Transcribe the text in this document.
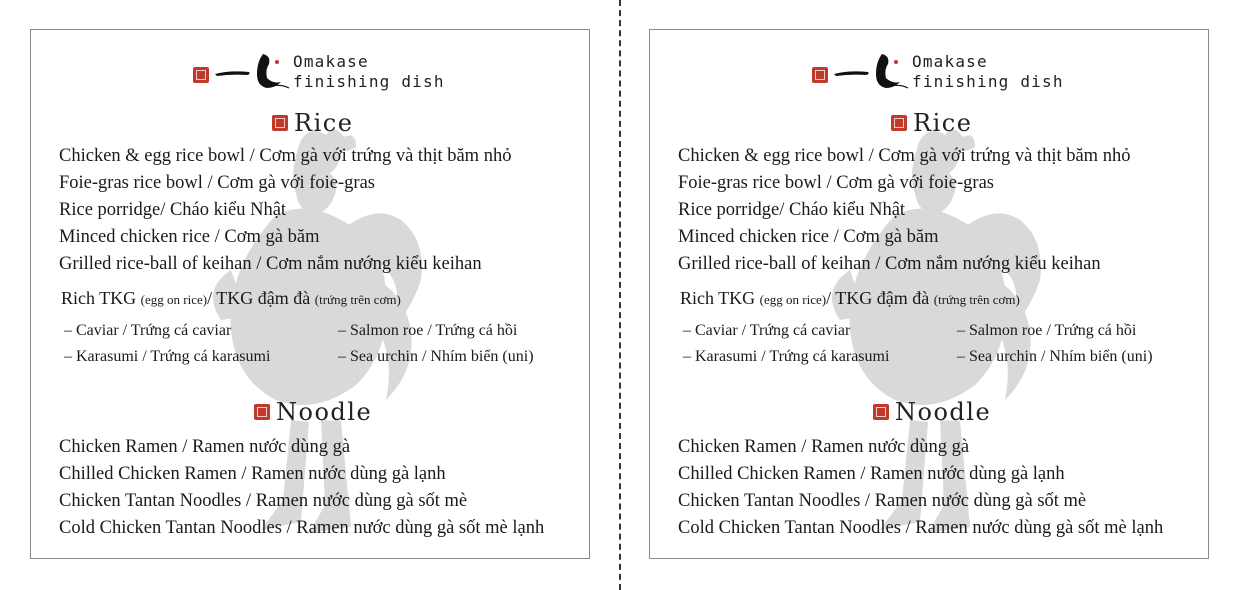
Omakase
finishing dish
Rice
Chicken & egg rice bowl / Cơm gà với trứng và thịt băm nhỏ
Foie-gras rice bowl / Cơm gà với foie-gras
Rice porridge/ Cháo kiểu Nhật
Minced chicken rice / Cơm gà băm
Grilled rice-ball of keihan / Cơm nắm nướng kiểu keihan
Rich TKG (egg on rice)/ TKG đậm đà (trứng trên cơm)
– Caviar / Trứng cá caviar	– Salmon roe / Trứng cá hồi
– Karasumi / Trứng cá karasumi	– Sea urchin / Nhím biển (uni)
Noodle
Chicken Ramen / Ramen nước dùng gà
Chilled Chicken Ramen / Ramen nước dùng gà lạnh
Chicken Tantan Noodles / Ramen nước dùng gà sốt mè
Cold Chicken Tantan Noodles / Ramen nước dùng gà sốt mè lạnh
Omakase
finishing dish
Rice
Chicken & egg rice bowl / Cơm gà với trứng và thịt băm nhỏ
Foie-gras rice bowl / Cơm gà với foie-gras
Rice porridge/ Cháo kiểu Nhật
Minced chicken rice / Cơm gà băm
Grilled rice-ball of keihan / Cơm nắm nướng kiểu keihan
Rich TKG (egg on rice)/ TKG đậm đà (trứng trên cơm)
– Caviar / Trứng cá caviar	– Salmon roe / Trứng cá hồi
– Karasumi / Trứng cá karasumi	– Sea urchin / Nhím biển (uni)
Noodle
Chicken Ramen / Ramen nước dùng gà
Chilled Chicken Ramen / Ramen nước dùng gà lạnh
Chicken Tantan Noodles / Ramen nước dùng gà sốt mè
Cold Chicken Tantan Noodles / Ramen nước dùng gà sốt mè lạnh
